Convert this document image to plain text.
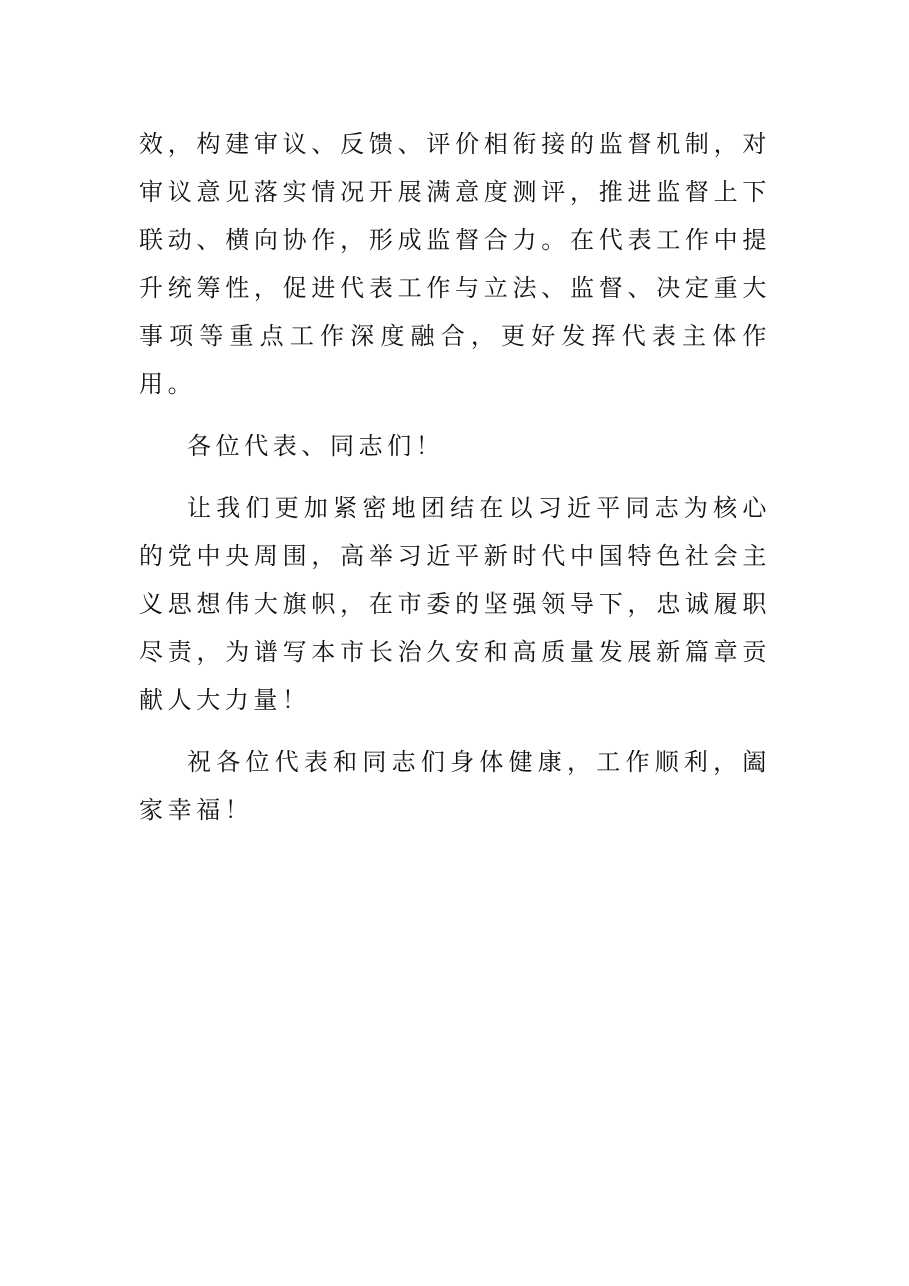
效，构建审议、反馈、评价相衔接的监督机制，对审议意见落实情况开展满意度测评，推进监督上下联动、横向协作，形成监督合力。在代表工作中提升统筹性，促进代表工作与立法、监督、决定重大事项等重点工作深度融合，更好发挥代表主体作用。

各位代表、同志们！

让我们更加紧密地团结在以习近平同志为核心的党中央周围，高举习近平新时代中国特色社会主义思想伟大旗帜，在市委的坚强领导下，忠诚履职尽责，为谱写本市长治久安和高质量发展新篇章贡献人大力量！

祝各位代表和同志们身体健康，工作顺利，阖家幸福！
